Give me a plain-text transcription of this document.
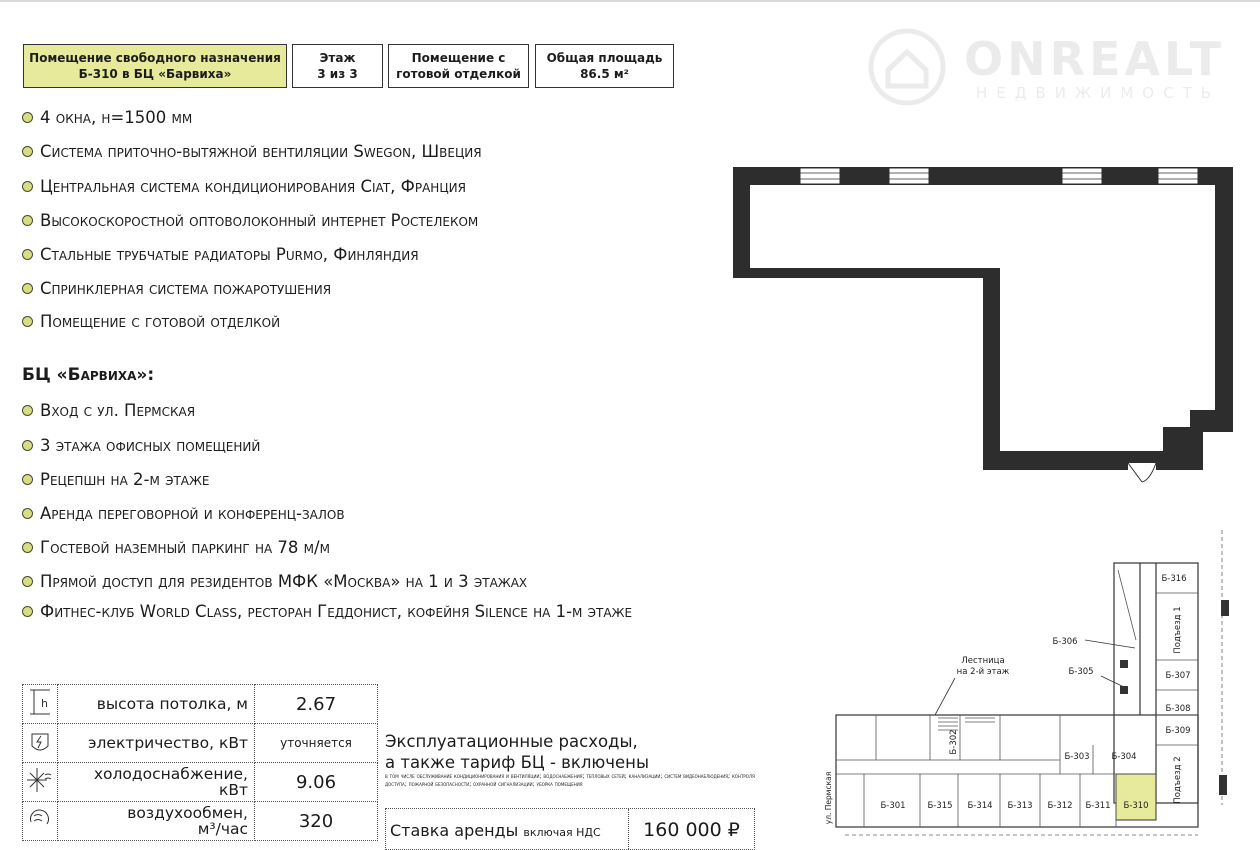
Помещение свободного назначения
Б-310 в БЦ «Барвиха»
Этаж
3 из 3
Помещение с
готовой отделкой
Общая площадь
86.5 м²	ONREALT
НЕДВИЖИМОСТЬ
4 окна, н=1500 мм
Система приточно-вытяжной вентиляции Swegon, Швеция
Центральная система кондиционирования Ciat, Франция
Высокоскоростной оптоволоконный интернет Ростелеком
Стальные трубчатые радиаторы Purmo, Финляндия
Спринклерная система пожаротушения
Помещение с готовой отделкой
БЦ «Барвиха»:
Вход с ул. Пермская
3 этажа офисных помещений
Рецепшн на 2-м этаже
Аренда переговорной и конференц-залов
Гостевой наземный паркинг на 78 м/м
Прямой доступ для резидентов МФК «Москва» на 1 и 3 этажах
Фитнес-клуб World Class, ресторан Геддонист, кофейня Silence на 1-м этаже
h	высота потолка, м	2.67
	электричество, кВт	уточняется
	холодоснабжение,
кВт	9.06
	воздухообмен,
м³/час	320
Эксплуатационные расходы,
а также тариф БЦ - включены
в том числе обслуживание кондиционирования и вентиляции; водоснабжения; тепловых сетей; канализации; систем видеонаблюдения; контроля доступа; пожарной безопасности; охранной сигнализации; уборка помещения
Ставка аренды включая НДС	160 000 ₽
Б-316
Б-307
Б-308
Б-309
Б-306
Б-305
Б-303	Б-304
Б-301	Б-315 Б-314 Б-313 Б-312 Б-311 Б-310
Лестница
на 2-й этаж
Б-302
Подъезд 1
Подъезд 2
ул. Пермская
